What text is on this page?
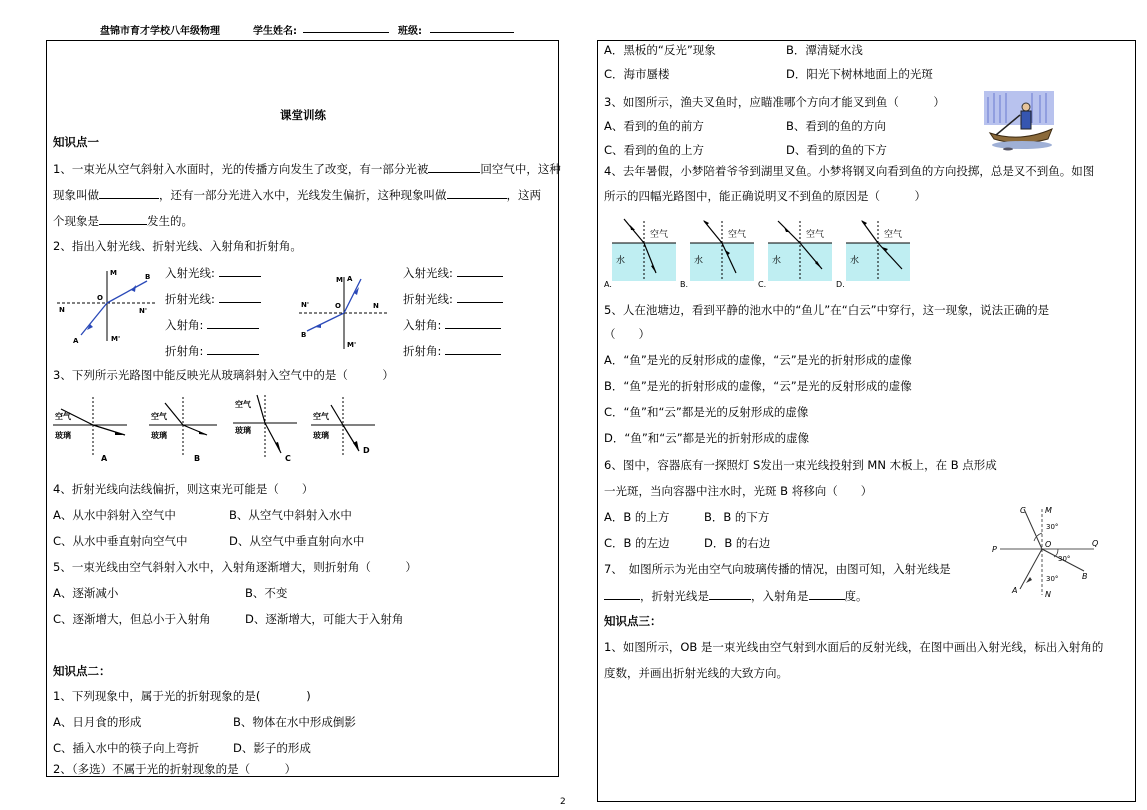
盘锦市育才学校八年级物理	学生姓名:	班级:
课堂训练
知识点一
1、一束光从空气斜射入水面时，光的传播方向发生了改变，有一部分光被	回空气中，这种
现象叫做	，还有一部分光进入水中，光线发生偏折，这种现象叫做	，这两
个现象是	发生的。
2、指出入射光线、折射光线、入射角和折射角。
M
O
B
N	N'
A	M'
入射光线:
折射光线:
入射角:
折射角:
A
M
N'	O	N
B
M'
入射光线:
折射光线:
入射角:
折射角:
3、下列所示光路图中能反映光从玻璃斜射入空气中的是（　　　）
空气
玻璃
A
空气
玻璃
B
空气
玻璃
C
空气
玻璃
D
4、折射光线向法线偏折，则这束光可能是（　　）
A、从水中斜射入空气中	B、从空气中斜射入水中
C、从水中垂直射向空气中	D、从空气中垂直射向水中
5、一束光线由空气斜射入水中，入射角逐渐增大，则折射角（　　　）
A、逐渐减小	B、不变
C、逐渐增大，但总小于入射角	D、逐渐增大，可能大于入射角
知识点二：
1、下列现象中，属于光的折射现象的是(　　　　)
A、日月食的形成	B、物体在水中形成倒影
C、插入水中的筷子向上弯折	D、影子的形成
2、（多选）不属于光的折射现象的是（　　　）
A．黑板的“反光”现象	B．潭清疑水浅
C．海市蜃楼	D．阳光下树林地面上的光斑
3、如图所示，渔夫叉鱼时，应瞄准哪个方向才能叉到鱼（　　　）
A、看到的鱼的前方	B、看到的鱼的方向
C、看到的鱼的上方	D、看到的鱼的下方
4、去年暑假，小梦陪着爷爷到湖里叉鱼。小梦将钢叉向看到鱼的方向投掷，总是叉不到鱼。如图
所示的四幅光路图中，能正确说明叉不到鱼的原因是（　　　）
空气
水
A.
空气
水
B.
空气
水
C.
空气
水
D.
5、人在池塘边，看到平静的池水中的“鱼儿”在“白云”中穿行，这一现象，说法正确的是
（　　）
A．“鱼”是光的反射形成的虚像，“云”是光的折射形成的虚像
B．“鱼”是光的折射形成的虚像，“云”是光的反射形成的虚像
C．“鱼”和“云”都是光的反射形成的虚像
D．“鱼”和“云”都是光的折射形成的虚像
6、图中，容器底有一探照灯 S发出一束光线投射到 MN 木板上，在 B 点形成
一光斑，当向容器中注水时，光斑 B 将移向（　　）
A．B 的上方	B．B 的下方
C．B 的左边	D．B 的右边
C M
30°
P
O
30°
Q
B
30°
A	N
7、　如图所示为光由空气向玻璃传播的情况，由图可知，入射光线是
，折射光线是	，入射角是	度。
知识点三：
1、如图所示，OB 是一束光线由空气射到水面后的反射光线，在图中画出入射光线，标出入射角的
度数，并画出折射光线的大致方向。
2
